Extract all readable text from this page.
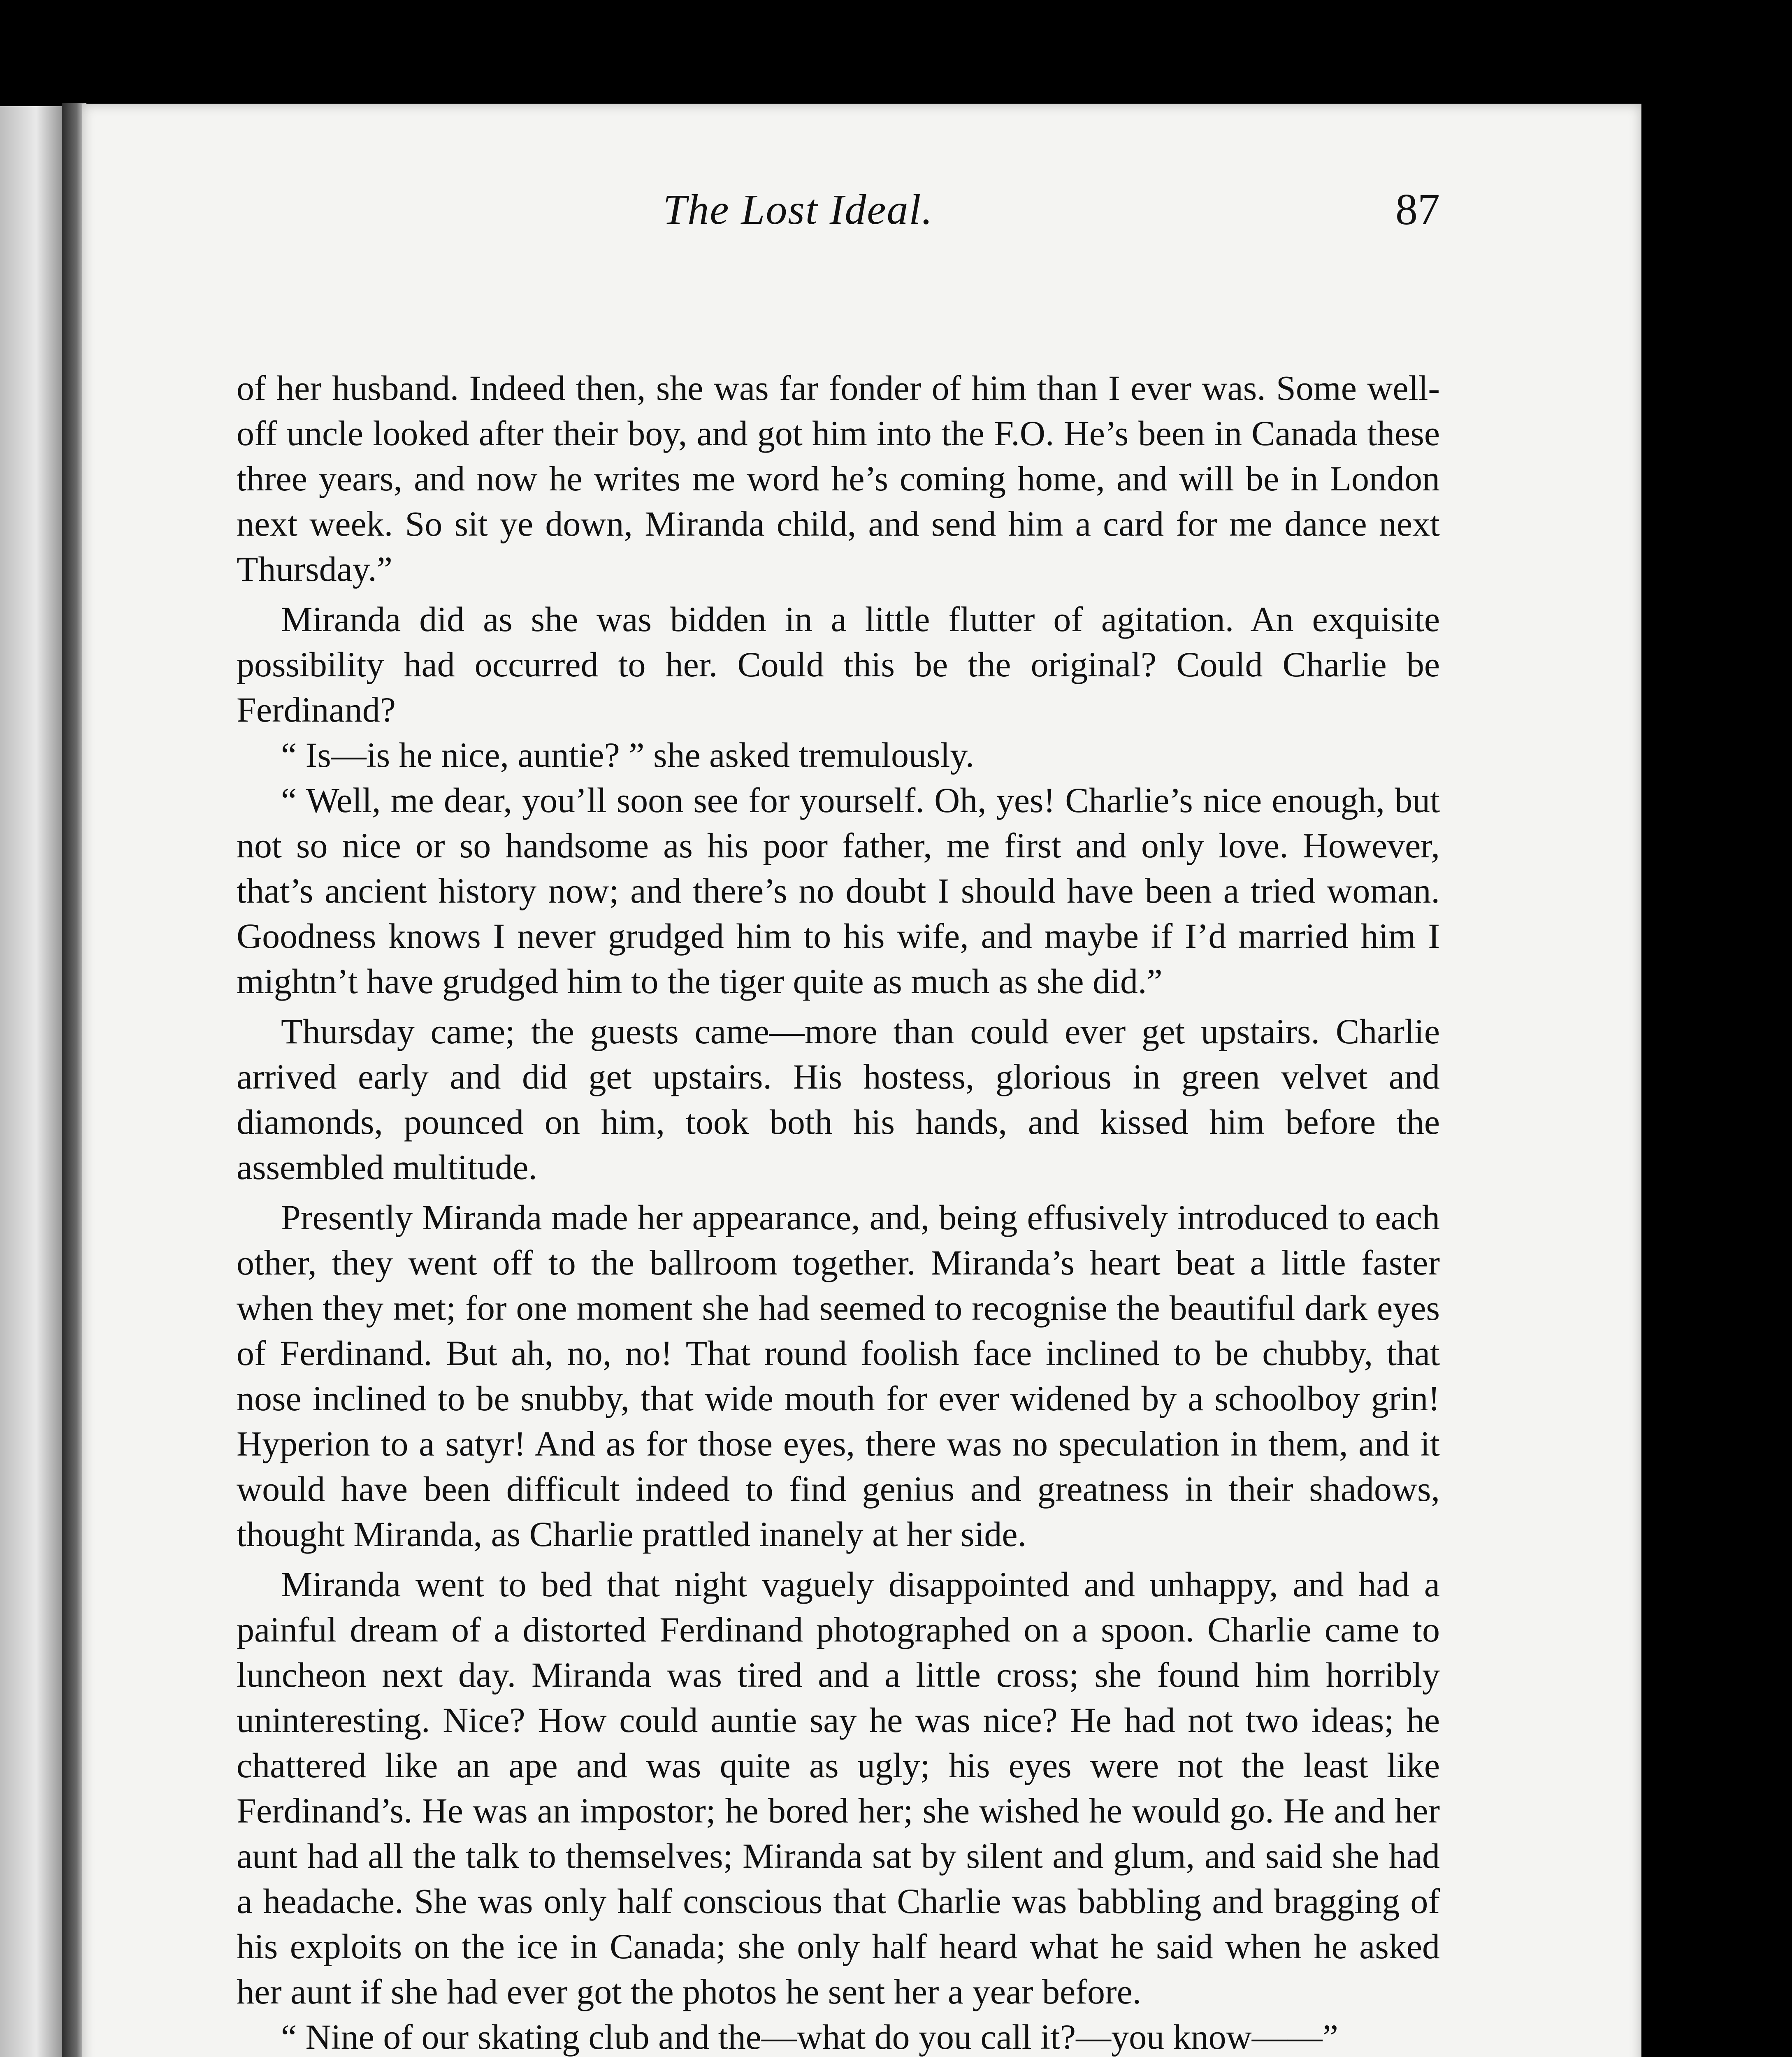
The Lost Ideal.	87

of her husband. Indeed then, she was far fonder of him than I ever was. Some well-off uncle looked after their boy, and got him into the F.O. He’s been in Canada these three years, and now he writes me word he’s coming home, and will be in London next week. So sit ye down, Miranda child, and send him a card for me dance next Thursday.”

Miranda did as she was bidden in a little flutter of agitation. An exquisite possibility had occurred to her. Could this be the original? Could Charlie be Ferdinand?

“ Is—is he nice, auntie? ” she asked tremulously.

“ Well, me dear, you’ll soon see for yourself. Oh, yes! Charlie’s nice enough, but not so nice or so handsome as his poor father, me first and only love. However, that’s ancient history now; and there’s no doubt I should have been a tried woman. Goodness knows I never grudged him to his wife, and maybe if I’d married him I mightn’t have grudged him to the tiger quite as much as she did.”

Thursday came; the guests came—more than could ever get upstairs. Charlie arrived early and did get upstairs. His hostess, glorious in green velvet and diamonds, pounced on him, took both his hands, and kissed him before the assembled multitude.

Presently Miranda made her appearance, and, being effusively introduced to each other, they went off to the ballroom together. Miranda’s heart beat a little faster when they met; for one moment she had seemed to recognise the beautiful dark eyes of Ferdinand. But ah, no, no! That round foolish face inclined to be chubby, that nose inclined to be snubby, that wide mouth for ever widened by a schoolboy grin! Hyperion to a satyr! And as for those eyes, there was no speculation in them, and it would have been difficult indeed to find genius and greatness in their shadows, thought Miranda, as Charlie prattled inanely at her side.

Miranda went to bed that night vaguely disappointed and unhappy, and had a painful dream of a distorted Ferdinand photographed on a spoon. Charlie came to luncheon next day. Miranda was tired and a little cross; she found him horribly uninteresting. Nice? How could auntie say he was nice? He had not two ideas; he chattered like an ape and was quite as ugly; his eyes were not the least like Ferdinand’s. He was an impostor; he bored her; she wished he would go. He and her aunt had all the talk to themselves; Miranda sat by silent and glum, and said she had a headache. She was only half conscious that Charlie was babbling and bragging of his exploits on the ice in Canada; she only half heard what he said when he asked her aunt if she had ever got the photos he sent her a year before.

“ Nine of our skating club and the—what do you call it?—you know——”
